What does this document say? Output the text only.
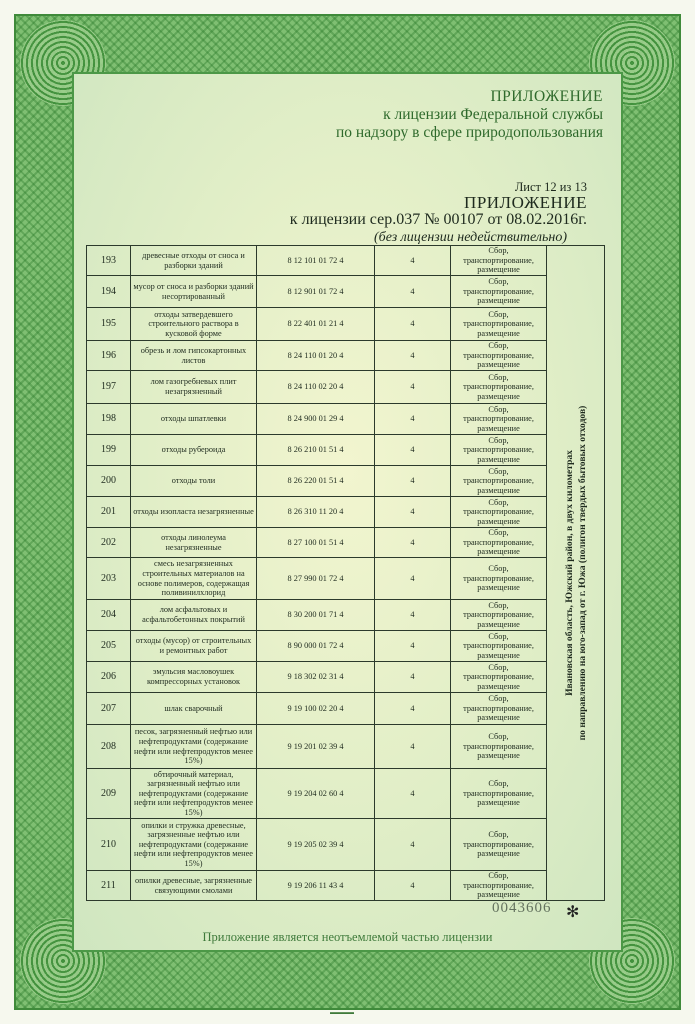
ПРИЛОЖЕНИЕ
к лицензии Федеральной службы
по надзору в сфере природопользования
Лист 12 из 13
ПРИЛОЖЕНИЕ
к лицензии сер.037 № 00107 от 08.02.2016г.
(без лицензии недействительно)
193	древесные отходы от сноса и разборки зданий	8 12 101 01 72 4	4	Сбор, транспортирование, размещение	Ивановская область, Южский район, в двух километрах по направлению на юго-запад от г. Южа (полигон твердых бытовых отходов)

194	мусор от сноса и разборки зданий несортированный	8 12 901 01 72 4	4	Сбор, транспортирование, размещение	
195	отходы затвердевшего строительного раствора в кусковой форме	8 22 401 01 21 4	4	Сбор, транспортирование, размещение	
196	обрезь и лом гипсокартонных листов	8 24 110 01 20 4	4	Сбор, транспортирование, размещение	
197	лом газогребневых плит незагрязненный	8 24 110 02 20 4	4	Сбор, транспортирование, размещение	
198	отходы шпатлевки	8 24 900 01 29 4	4	Сбор, транспортирование, размещение	
199	отходы рубероида	8 26 210 01 51 4	4	Сбор, транспортирование, размещение	
200	отходы толи	8 26 220 01 51 4	4	Сбор, транспортирование, размещение	
201	отходы изопласта незагрязненные	8 26 310 11 20 4	4	Сбор, транспортирование, размещение	
202	отходы линолеума незагрязненные	8 27 100 01 51 4	4	Сбор, транспортирование, размещение	
203	смесь незагрязненных строительных материалов на основе полимеров, содержащая поливинилхлорид	8 27 990 01 72 4	4	Сбор, транспортирование, размещение	
204	лом асфальтовых и асфальтобетонных покрытий	8 30 200 01 71 4	4	Сбор, транспортирование, размещение	
205	отходы (мусор) от строительных и ремонтных работ	8 90 000 01 72 4	4	Сбор, транспортирование, размещение	
206	эмульсия масловоушек компрессорных установок	9 18 302 02 31 4	4	Сбор, транспортирование, размещение	
207	шлак сварочный	9 19 100 02 20 4	4	Сбор, транспортирование, размещение	
208	песок, загрязненный нефтью или нефтепродуктами (содержание нефти или нефтепродуктов менее 15%)	9 19 201 02 39 4	4	Сбор, транспортирование, размещение	
209	обтирочный материал, загрязненный нефтью или нефтепродуктами (содержание нефти или нефтепродуктов менее 15%)	9 19 204 02 60 4	4	Сбор, транспортирование, размещение	
210	опилки и стружка древесные, загрязненные нефтью или нефтепродуктами (содержание нефти или нефтепродуктов менее 15%)	9 19 205 02 39 4	4	Сбор, транспортирование, размещение	
211	опилки древесные, загрязненные связующими смолами	9 19 206 11 43 4	4	Сбор, транспортирование, размещение	
0043606 ✻
Приложение является неотъемлемой частью лицензии
▬▬▬▬
